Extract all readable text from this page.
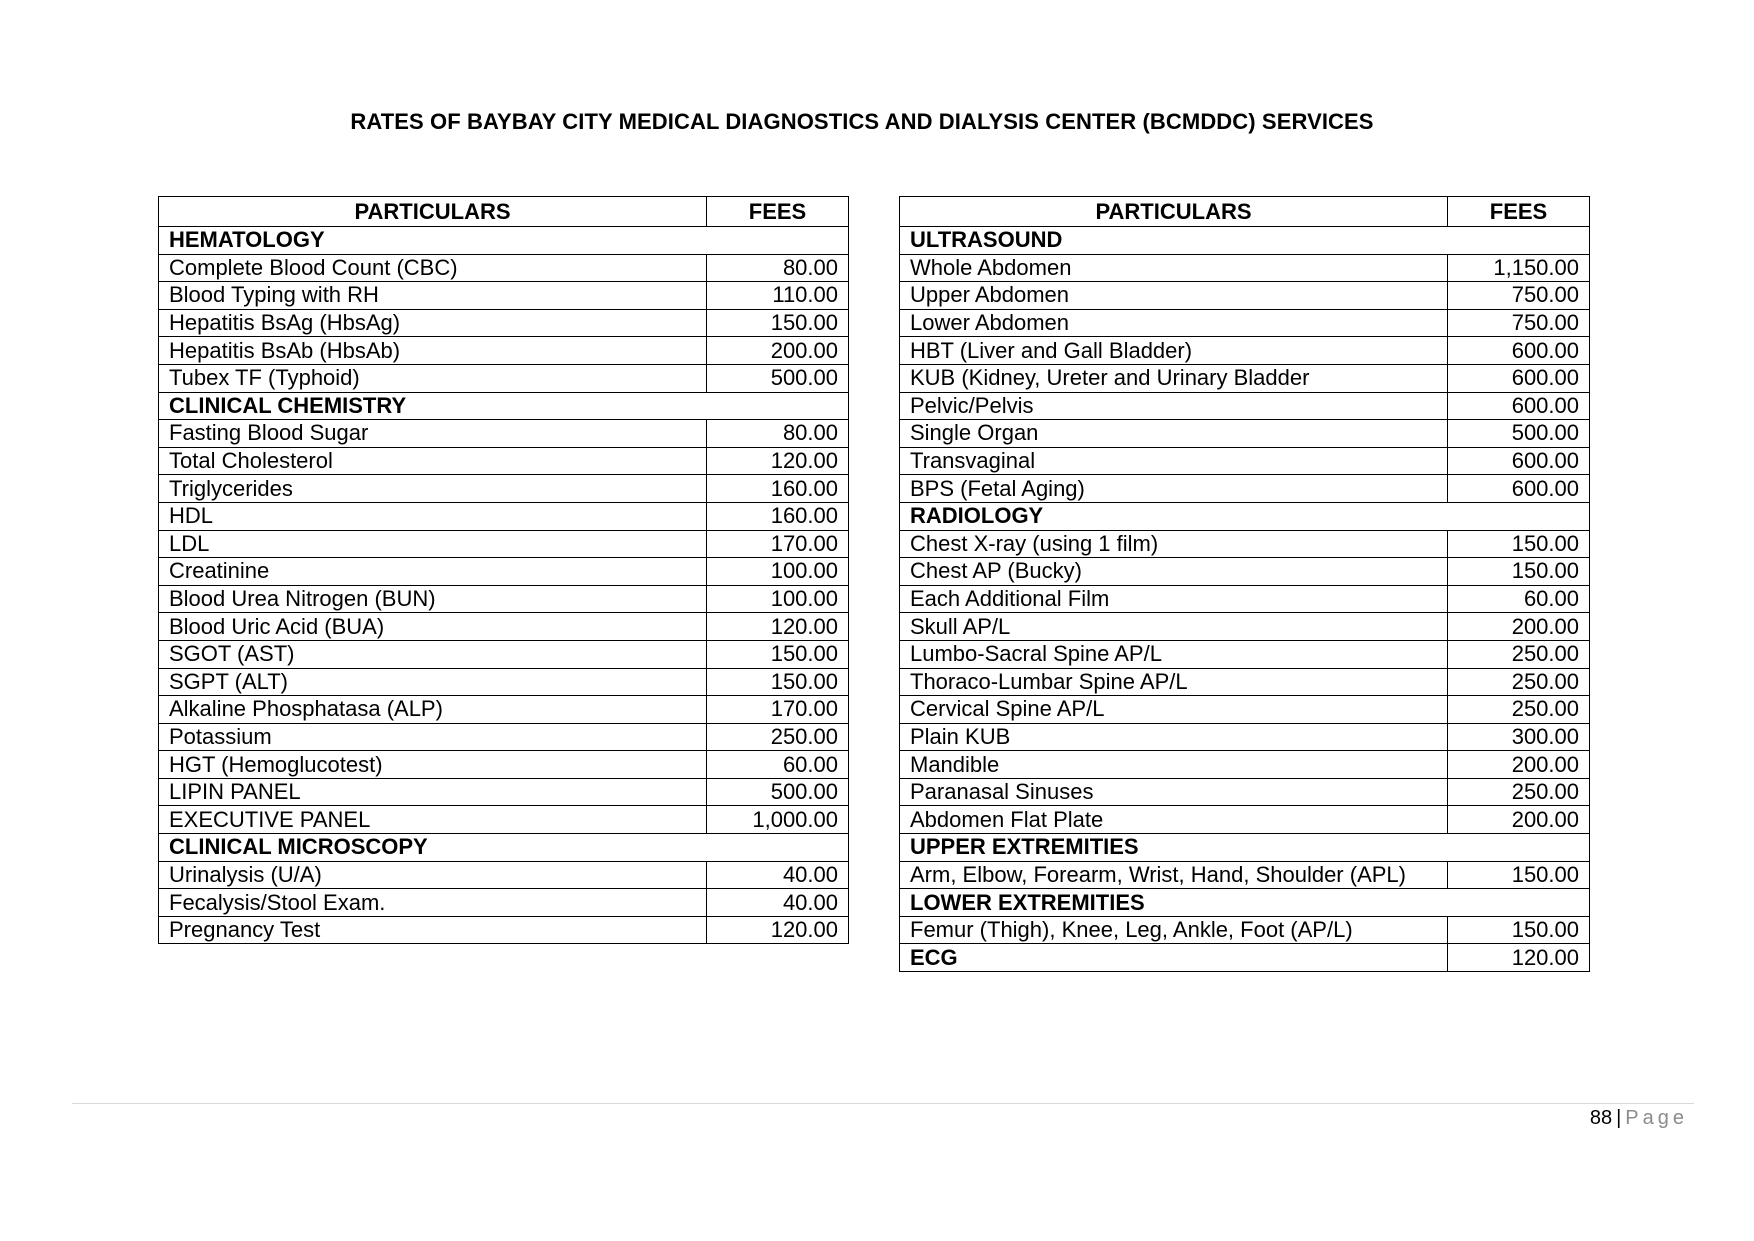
RATES OF BAYBAY CITY MEDICAL DIAGNOSTICS AND DIALYSIS CENTER (BCMDDC) SERVICES
PARTICULARS	FEES
HEMATOLOGY	
Complete Blood Count (CBC)	80.00
Blood Typing with RH	110.00
Hepatitis BsAg (HbsAg)	150.00
Hepatitis BsAb (HbsAb)	200.00
Tubex TF (Typhoid)	500.00
CLINICAL CHEMISTRY	
Fasting Blood Sugar	80.00
Total Cholesterol	120.00
Triglycerides	160.00
HDL	160.00
LDL	170.00
Creatinine	100.00
Blood Urea Nitrogen (BUN)	100.00
Blood Uric Acid (BUA)	120.00
SGOT (AST)	150.00
SGPT (ALT)	150.00
Alkaline Phosphatasa (ALP)	170.00
Potassium	250.00
HGT (Hemoglucotest)	60.00
LIPIN PANEL	500.00
EXECUTIVE PANEL	1,000.00
CLINICAL MICROSCOPY	
Urinalysis (U/A)	40.00
Fecalysis/Stool Exam.	40.00
Pregnancy Test	120.00
PARTICULARS	FEES
ULTRASOUND	
Whole Abdomen	1,150.00
Upper Abdomen	750.00
Lower Abdomen	750.00
HBT (Liver and Gall Bladder)	600.00
KUB (Kidney, Ureter and Urinary Bladder	600.00
Pelvic/Pelvis	600.00
Single Organ	500.00
Transvaginal	600.00
BPS (Fetal Aging)	600.00
RADIOLOGY	
Chest X-ray (using 1 film)	150.00
Chest AP (Bucky)	150.00
Each Additional Film	60.00
Skull AP/L	200.00
Lumbo-Sacral Spine AP/L	250.00
Thoraco-Lumbar Spine AP/L	250.00
Cervical Spine AP/L	250.00
Plain KUB	300.00
Mandible	200.00
Paranasal Sinuses	250.00
Abdomen Flat Plate	200.00
UPPER EXTREMITIES	
Arm, Elbow, Forearm, Wrist, Hand, Shoulder (APL)	150.00
LOWER EXTREMITIES	
Femur (Thigh), Knee, Leg, Ankle, Foot (AP/L)	150.00
ECG	120.00
88 | Page
